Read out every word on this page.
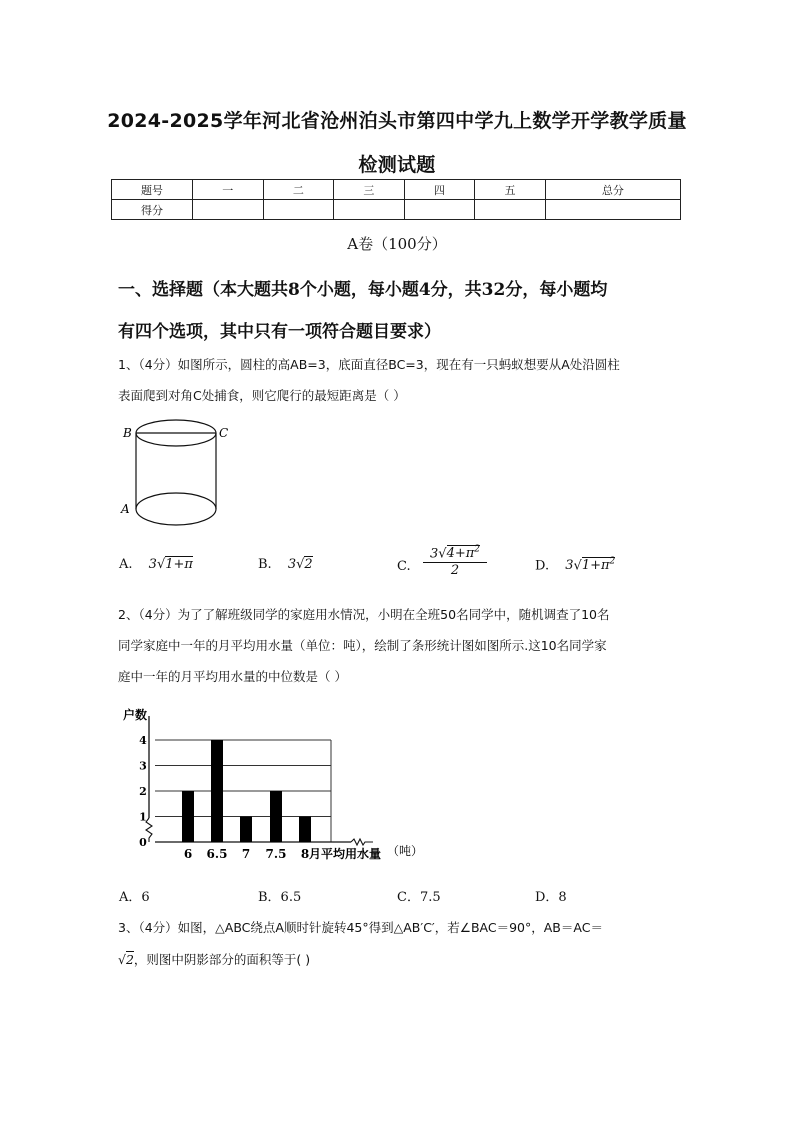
2024-2025学年河北省沧州泊头市第四中学九上数学开学教学质量
检测试题
题号	一	二	三	四	五	总分
得分						
A卷（100分）
一、选择题（本大题共8个小题，每小题4分，共32分，每小题均
有四个选项，其中只有一项符合题目要求）
1、（4分）如图所示，圆柱的高AB=3，底面直径BC=3，现在有一只蚂蚁想要从A处沿圆柱
表面爬到对角C处捕食，则它爬行的最短距离是（ ）
B	C
A
A. 3√1+π	B. 3√2	C. $\frac{3√4+\pi^2}{2}$	D. $3√1+\pi^2$
2、（4分）为了了解班级同学的家庭用水情况，小明在全班50名同学中，随机调查了10名
同学家庭中一年的月平均用水量（单位：吨），绘制了条形统计图如图所示.这10名同学家
庭中一年的月平均用水量的中位数是（ ）
户数
0
1
2
3
4
6 6.5 7 7.5 8 月平均用水量 （吨）
A．6	B．6.5	C．7.5	D．8
3、（4分）如图，△ABC绕点A顺时针旋转45°得到△AB′C′，若∠BAC＝90°，AB＝AC＝
√2，则图中阴影部分的面积等于( )
